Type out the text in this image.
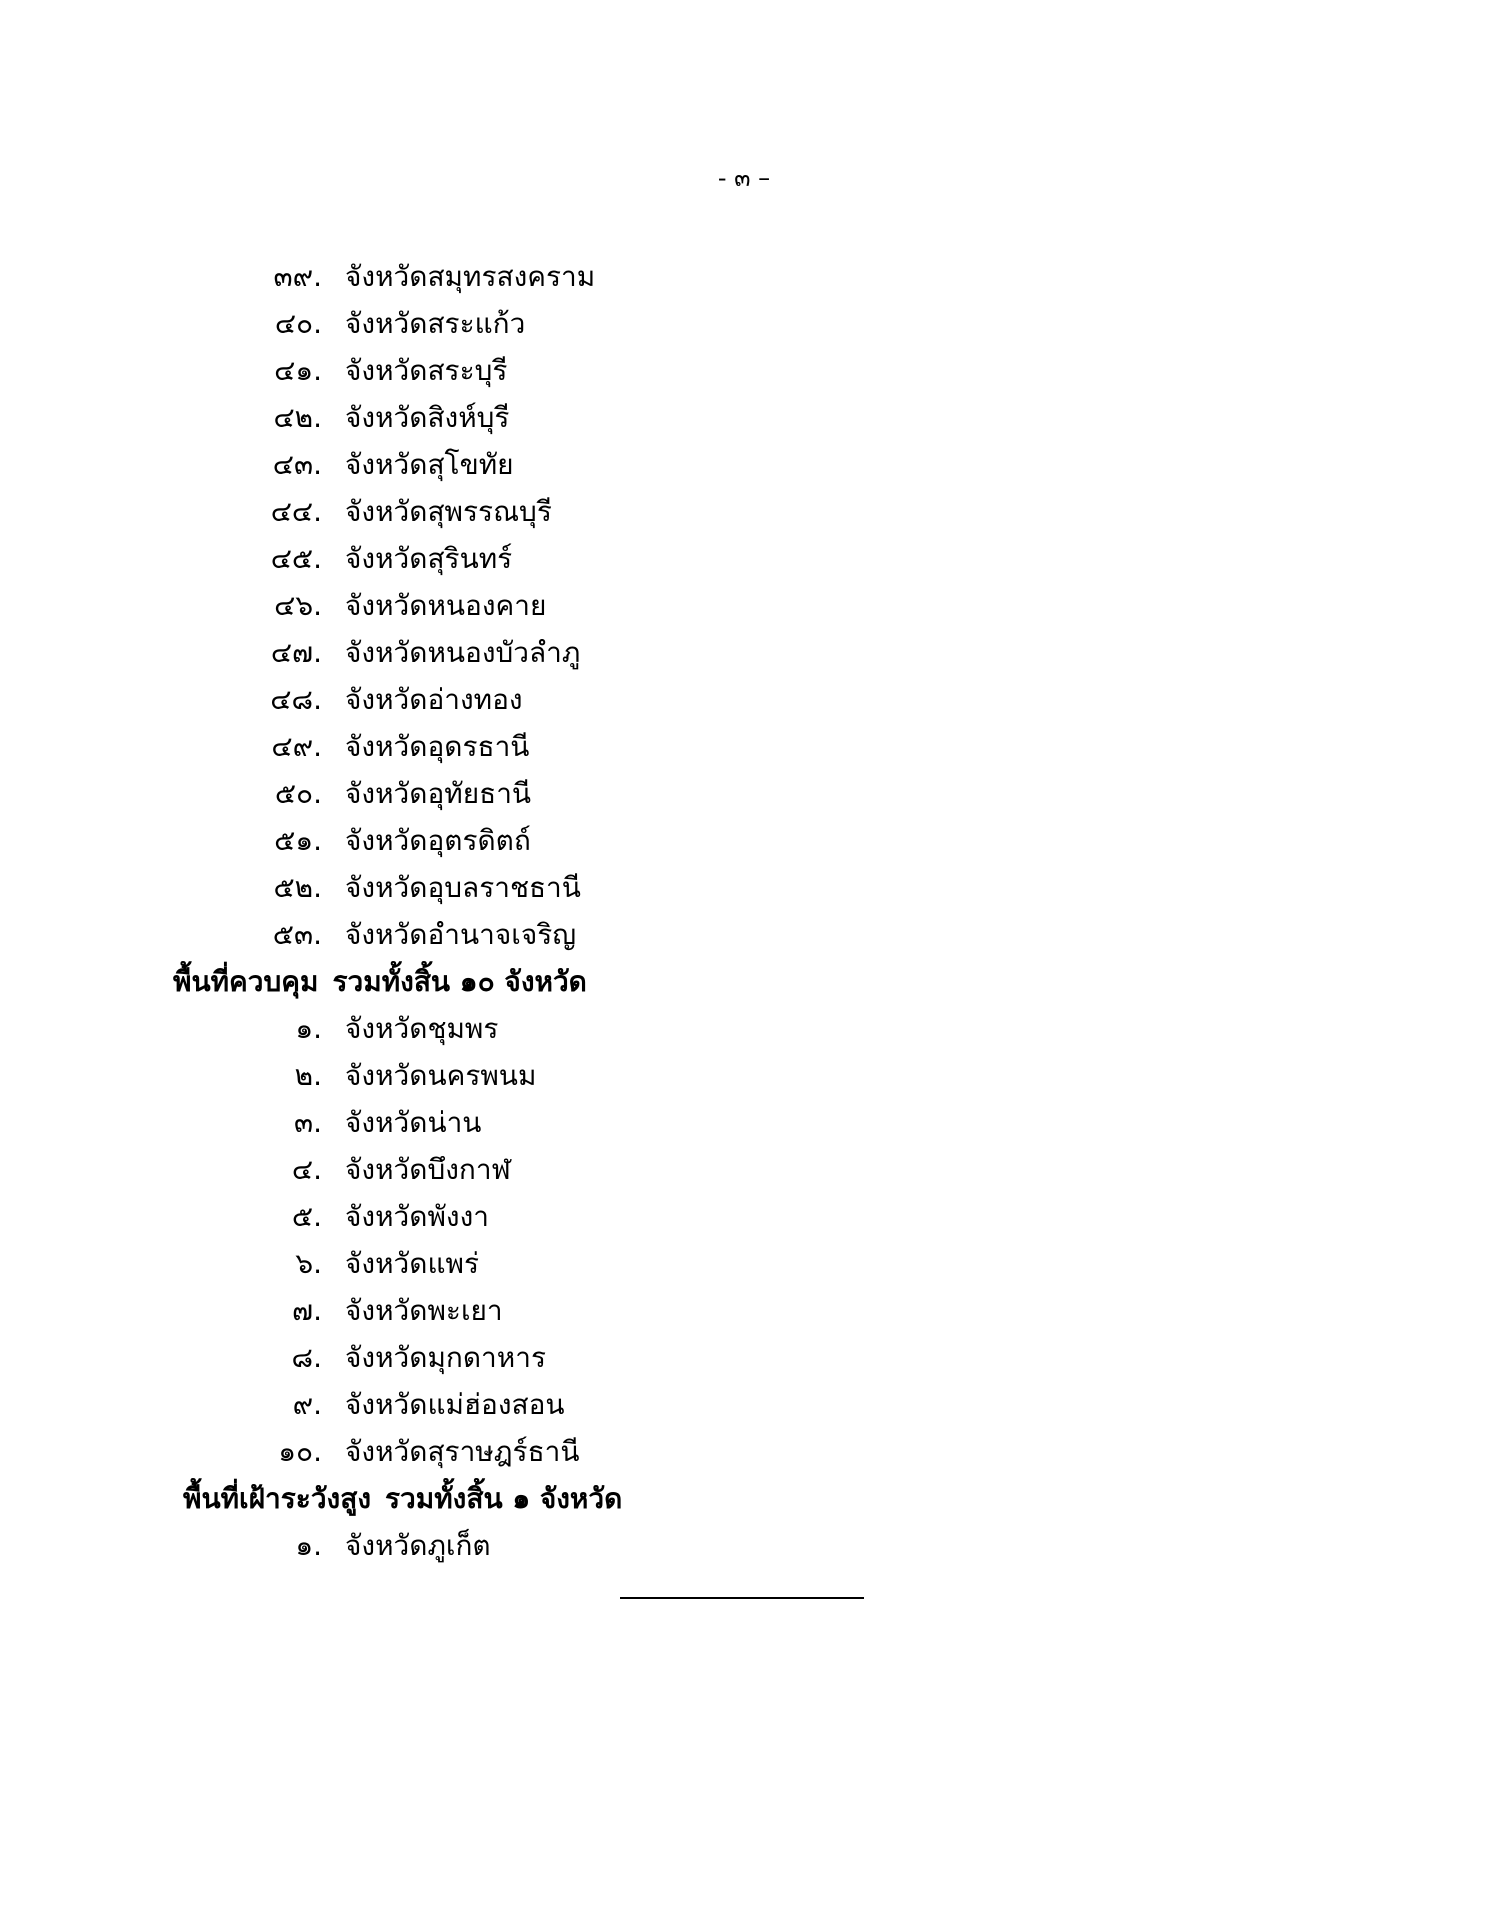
- ๓ –
๓๙. จังหวัดสมุทรสงคราม
๔๐. จังหวัดสระแก้ว
๔๑. จังหวัดสระบุรี
๔๒. จังหวัดสิงห์บุรี
๔๓. จังหวัดสุโขทัย
๔๔. จังหวัดสุพรรณบุรี
๔๕. จังหวัดสุรินทร์
๔๖. จังหวัดหนองคาย
๔๗. จังหวัดหนองบัวลำภู
๔๘. จังหวัดอ่างทอง
๔๙. จังหวัดอุดรธานี
๕๐. จังหวัดอุทัยธานี
๕๑. จังหวัดอุตรดิตถ์
๕๒. จังหวัดอุบลราชธานี
๕๓. จังหวัดอำนาจเจริญ
พื้นที่ควบคุม รวมทั้งสิ้น ๑๐ จังหวัด
๑. จังหวัดชุมพร
๒. จังหวัดนครพนม
๓. จังหวัดน่าน
๔. จังหวัดบึงกาฬ
๕. จังหวัดพังงา
๖. จังหวัดแพร่
๗. จังหวัดพะเยา
๘. จังหวัดมุกดาหาร
๙. จังหวัดแม่ฮ่องสอน
๑๐. จังหวัดสุราษฎร์ธานี
พื้นที่เฝ้าระวังสูง รวมทั้งสิ้น ๑ จังหวัด
๑. จังหวัดภูเก็ต
